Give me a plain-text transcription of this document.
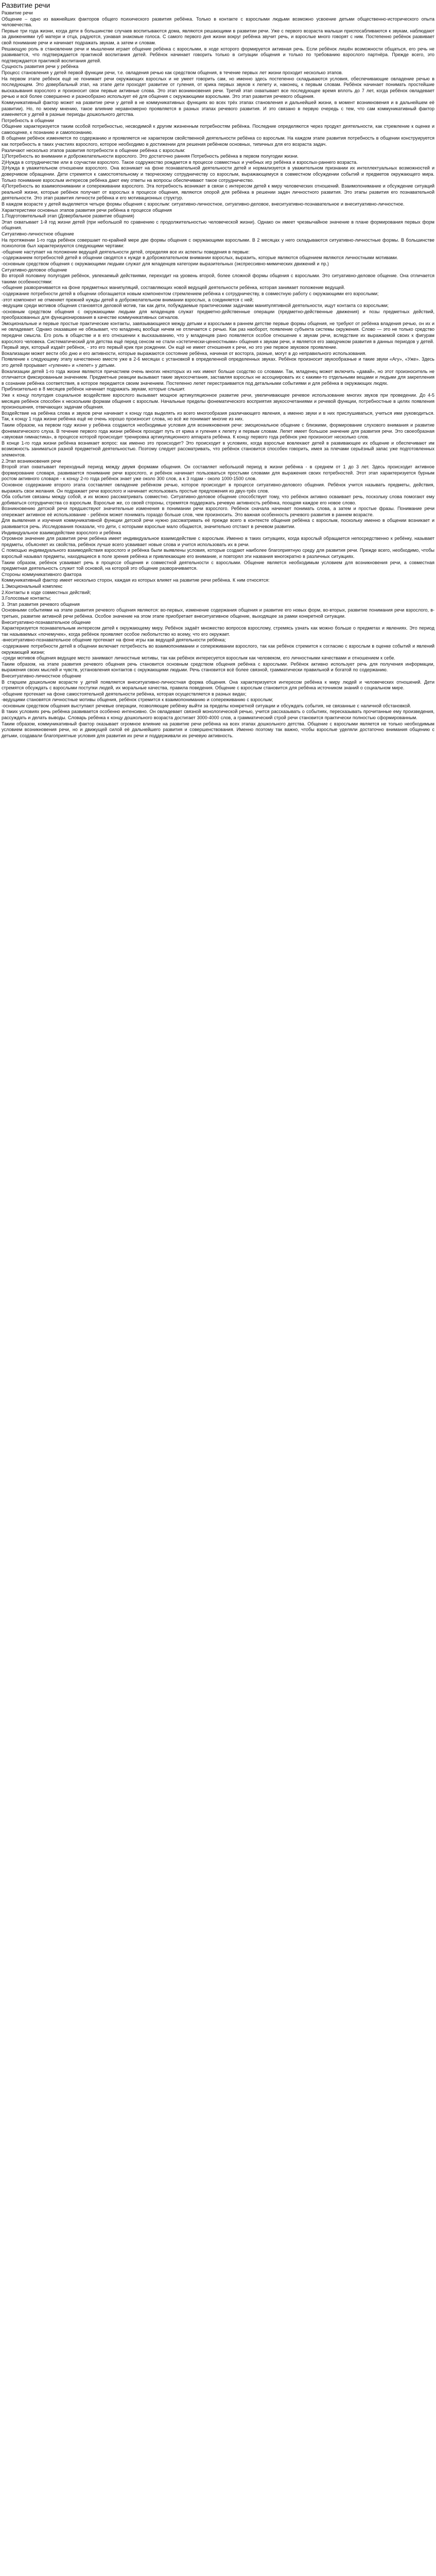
Развитие речи

Развитие речи

Общение – одно из важнейших факторов общего психического развития ребёнка. Только в контакте с взрослыми людьми возможно усвоение детьми общественно-исторического опыта человечества.

Первые три года жизни, когда дети в большинстве случаев воспитываются дома, являются решающими в развитии речи. Уже с первого возраста малыши приспосабливаются к звукам, наблюдают за движениями губ матери и отца, радуются, узнавая знакомые голоса. С самого первого дня жизни вокруг ребёнка звучит речь, и взрослые много говорят с ним. Постепенно ребёнок развивает свой понимание речи и начинает подражать звукам, а затем и словам.

Решающую роль в становлении речи и мышлении играет общение ребёнка с взрослыми, в ходе которого формируется активная речь. Если ребёнок лишён возможности общаться, его речь не развивается, что подтверждается практикой воспитания детей. Ребёнок начинает говорить только в ситуации общения и только по требованию взрослого партнёра. Прежде всего, это подтверждается практикой воспитания детей.

Сущность развития речи у ребёнка

Процесс становления у детей первой функции речи, т.е. овладения речью как средством общения, в течение первых лет жизни проходит несколько этапов.

На первом этапе ребёнок ещё не понимает речи окружающих взрослых и не умеет говорить сам, но именно здесь постепенно складываются условия, обеспечивающие овладение речью в последующем. Это довербальный этап, на этапе дети проходят развитие от гуления, от крика первых звуков к лепету и, наконец, к первым словам. Ребёнок начинает понимать простейшие высказывания взрослого и произносит свои первые активные слова. Это этап возникновения речи. Третий этап охватывает все последующее время вплоть до 7 лет, когда ребёнок овладевает речью и всё более совершенно и разнообразно использует её для общения с окружающими взрослыми. Это этап развития речевого общения.

Коммуникативный фактор может на развитие речи у детей в не коммуникативных функциях во всех трёх этапах становления и дальнейшей жизни, в момент возникновения и в дальнейшем её развитии). Но, по моему мнению, такое влияние неравномерно проявляется в разных этапах речевого развития. И это связано в первую очередь с тем, что сам коммуникативный фактор изменяется у детей в разные периоды дошкольного детства.

Потребность в общении

Общение характеризуется таким особой потребностью, несводимой к другим жизненным потребностям ребёнка. Последние определяются через продукт деятельности, как стремление к оценке и самооценке, к познанию и самопознанию.

В общении ребёнок изменяется по содержанию и проявляется не характером свойственной деятельности ребёнка со взрослым. На каждом этапе развития потребность в общении конструируется как потребность в таких участиях взрослого, которое необходимо в достижении для решения ребёнком основных, типичных для его возраста задач.

Различают несколько этапов развития потребности в общении ребёнка с взрослым:

1)Потребность во внимании и доброжелательности взрослого. Это достаточно ранняя Потребность ребёнка в первом полугодии жизни.

2)Нужда в сотрудничестве или в соучастии взрослого. Такое содружество рождается в процессе совместных и учебных игр ребёнка и взрослых-раннего возраста.

3)Нужда в уважительном отношении взрослого. Она возникает на фоне познавательной деятельности детей и нормализуется в уважительном признании их интеллектуальных возможностей и доверчивом обращении. Дети стремятся к самостоятельному и творческому сотрудничеству со взрослым, выражающемуся в совместном обсуждении событий и предметов окружающего мира. Только понимание взрослым интересов ребёнка дают ему ответы на вопросы обеспечивают такое сотрудничество.

4)Потребность во взаимопонимании и сопереживании взрослого. Эта потребность возникает в связи с интересом детей к миру человеческих отношений. Взаимопонимание и обсуждение ситуаций реальной жизни, которые ребёнок получает от взрослых в процессе общения, являются опорой для ребёнка в решении задач личностного развития. Это этапы развития его познавательной деятельности. Это этап развития личности ребёнка и его мотивационных структур.

В каждом возрасте у детей выделяется четыре формы общения с взрослым: ситуативно-личностное, ситуативно-деловое, внеситуативно-познавательное и внеситуативно-личностное.

Характеристики основных этапов развития речи ребёнка в процессе общения

1.Подготовительный этап (Довербальное развитие общения)

Этап охватывает 1-й год жизни детей (при небольшой по сравнению с продолжительностью человеческой жизни). Однако он имеет чрезвычайное значение в плане формирования первых форм общения.

Ситуативно-личностное общение

На протяжении 1-го года ребёнок совершает по-крайней мере две формы общения с окружающими взрослыми. В 2 месяцах у него складываются ситуативно-личностные формы. В большинстве психологов был характеризуются следующими чертами:

-общение наступает на положении ведущей деятельности детей, определяя все их аспекты поведения в первые:

-содержанием потребностей детей в общении сводятся к нужде в доброжелательном внимании взрослых, выразить, которые являются общением являются личностными мотивами.

-основным средством общения с окружающими людьми служат для младенцев категории выразительных (экспрессивно-мимических движений и пр.)

Ситуативно-деловое общение

Во второй половину полугодия ребёнок, увлекаемый действиями, переходит на уровень второй, более сложной формы общения с взрослыми. Это ситуативно-деловое общение. Она отличается такими особенностями:

-общение разворачивается на фоне предметных манипуляций, составляющих новой ведущей деятельности ребёнка, которая занимает положение ведущей.

-содержание потребности детей в общении обогащается новым компонентом стремлением ребёнка к сотрудничеству, в совместную работу с окружающими его взрослыми;

-этот компонент не отменяет прежней нужды детей в доброжелательном внимании взрослых, а соединяется с ней;

-ведущим среди мотивов общения становятся деловой мотив, так как дети, побуждаемые практическими задачами манипулятивной деятельности, ищут контакта со взрослыми;

-основным средством общения с окружающими людьми для младенцев служат предметно-действенные операции (предметно-действенные движения) и позы предметных действий, преобразованных для функционирования в качестве коммуникативных сигналов.

Эмоциональные и первые простые практические контакты, завязывающиеся между детьми и взрослыми в раннем детстве первые формы общения, не требуют от ребёнка владения речью, он их и не овладевает. Однако оказавшее не обязывает, что младенец вообще ничем не отличается с речью. Как раз наоборот, появление субъекта системы окружения. Слово — это не только средство передачи смысла. Его роль в обществе и в его отношении к высказыванию, что у младенцев рано появляется особое отношение к звукам речи, вследствие их выражаемой своих к фигурам взрослого человека. Систематический для детства ещё перед сенсом не стали «эстетически-ценностными» общения к звукам речи, и является его заводчиком развития в данных периодов у детей.

Первый звук, который издаёт ребёнок, - это его первый крик при рождении. Он ещё не имеет отношения к речи, но это уже первое звуковое проявление.

Вокализации может вести обо дню и его активности, которые выражаются состояние ребёнка, начиная от восторга, разные, могут в до неправильного использования.

Появление к следующему этапу качественно вместе уже в 2-6 месяцах с установкой в определенной определенных звуках. Ребёнок произносит звукообразные и такие звуки «Агу», «Уже». Здесь это детей прорывает «гуление» и «лепет» у детьми.

Вокализации детей 1-го года жизни являются причастием очень многих некоторых из них имеют больше сходство со словами. Так, младенец может включить «давай», но этот произноситель не отличается фиксированным значением. Предметные реакции вызывают такие звукосочетания, заставляя взрослых не ассоциировать их с какими-то отдельными вещами и людьми для закрепления в сознании ребёнка соответствия, в которое передается своим значением. Постепенно лепет перестраивается под детальными событиями и для ребёнка в окружающих людях.

Приблизительно в 8 месяцев ребёнок начинает подражать звукам, которые слышит.

Уже к концу полугодия социальное воздействие взрослого вызывает мощное артикуляционное развитие речи, увеличивающее речевое использование многих звуков при проведении. До 4-5 месяцев ребёнок способен к нескольким формам общения с взрослым. Начальные пределы фонематического восприятия звукосочетаниями и речевой функции, потребностные в целях появления произношения, отвечающих задачам общения.

Воздействие на ребёнка слова и звуков речи начинает к концу года выделять из всего многообразия различающего явления, а именно звуки и в них прислушиваться, учиться ими руководиться. Так, к концу 1 года жизни ребёнка ещё не очень хорошо произносит слова, но всё же понимает многие из них.

Таким образом, на первом году жизни у ребёнка создаются необходимые условия для возникновения речи: эмоциональное общение с близкими, формирование слухового внимания и развитие фонематического слуха. В течение первого года жизни ребёнок проходит путь от крика и гуления к лепету и первым словам. Лепет имеет большое значение для развития речи. Это своеобразная «звуковая гимнастика», в процессе которой происходит тренировка артикуляционного аппарата ребёнка. К концу первого года ребёнок уже произносит несколько слов.

В конце 1-го года жизни ребёнка возникает вопрос: как именно это происходит? Это происходит в условиях, когда взрослые вовлекают детей в развивающее их общение и обеспечивают им возможность заниматься разной предметной деятельностью. Поэтому следует рассматривать, что ребёнок становится способен говорить, имея за плечами серьёзный запас уже подготовленных элементов.

2.Этап возникновения речи

Второй этап охватывает переходный период между двумя формами общения. Он составляет небольшой период в жизни ребёнка - в среднем от 1 до 3 лет. Здесь происходит активное формирование словаря, развивается понимание речи взрослого, и ребёнок начинает пользоваться простыми словами для выражения своих потребностей. Этот этап характеризуется бурным ростом активного словаря - к концу 2-го года ребёнок знает уже около 300 слов, а к 3 годам - около 1000-1500 слов.

Основное содержание второго этапа составляет овладение ребёнком речью, которое происходит в процессе ситуативно-делового общения. Ребёнок учится называть предметы, действия, выражать свои желания. Он подражает речи взрослого и начинает использовать простые предложения из двух-трёх слов.

Оба события связаны между собой, и их можно рассматривать совместно. Ситуативно-деловое общение способствует тому, что ребёнок активно осваивает речь, поскольку слова помогают ему добиваться сотрудничества со взрослым. Взрослые же, со своей стороны, стремятся поддержать речевую активность ребёнка, поощряя каждое его новое слово.

Возникновению детской речи предшествуют значительные изменения в понимании речи взрослого. Ребёнок сначала начинает понимать слова, а затем и простые фразы. Понимание речи опережает активное её использование - ребёнок может понимать гораздо больше слов, чем произносить. Это важная особенность речевого развития в раннем возрасте.

Для выявления и изучения коммуникативной функции детской речи нужно рассматривать её прежде всего в контексте общения ребёнка с взрослым, поскольку именно в общении возникает и развивается речь. Исследования показали, что дети, с которыми взрослые мало общаются, значительно отстают в речевом развитии.

Индивидуальное взаимодействие взрослого и ребёнка

Огромное значение для развития речи ребёнка имеет индивидуальное взаимодействие с взрослым. Именно в таких ситуациях, когда взрослый обращается непосредственно к ребёнку, называет предметы, объясняет их свойства, ребёнок лучше всего усваивает новые слова и учится использовать их в речи.

С помощью индивидуального взаимодействия взрослого и ребёнка были выявлены условия, которые создают наиболее благоприятную среду для развития речи. Прежде всего, необходимо, чтобы взрослый называл предметы, находящиеся в поле зрения ребёнка и привлекающие его внимание, и повторял эти названия многократно в различных ситуациях.

Таким образом, ребёнок усваивает речь в процессе общения и совместной деятельности с взрослыми. Общение является необходимым условием для возникновения речи, а совместная предметная деятельность служит той основой, на которой это общение разворачивается.

Стороны коммуникативного фактора

Коммуникативный фактор имеет несколько сторон, каждая из которых влияет на развитие речи ребёнка. К ним относятся:

1.Эмоциональный комплекс

2.Контакты в ходе совместных действий;

3.Голосовые контакты;

3. Этап развития речевого общения

Основными событиями на этапе развития речевого общения являются: во-первых, изменение содержания общения и развитие его новых форм, во-вторых, развитие понимания речи взрослого, в-третьих, развитие активной речи ребёнка. Особое значение на этом этапе приобретает внеситуативное общение, выходящее за рамки конкретной ситуации.

Внеситуативно-познавательное общение

Характеризуется познавательным интересом детей к окружающему миру. Ребёнок задаёт множество вопросов взрослому, стремясь узнать как можно больше о предметах и явлениях. Это период так называемых «почемучек», когда ребёнок проявляет особое любопытство ко всему, что его окружает.

-внеситуативно-познавательное общение протекает на фоне игры как ведущей деятельности ребёнка;

-содержание потребности детей в общении включает потребность во взаимопонимании и сопереживании взрослого, так как ребёнок стремится к согласию с взрослым в оценке событий и явлений окружающей жизни;

-среди мотивов общения ведущее место занимают личностные мотивы, так как ребёнок интересуется взрослым как человеком, его личностными качествами и отношением к себе.

Таким образом, на этапе развития речевого общения речь становится основным средством общения ребёнка с взрослыми. Ребёнок активно использует речь для получения информации, выражения своих мыслей и чувств, установления контактов с окружающими людьми. Речь становится всё более связной, грамматически правильной и богатой по содержанию.

Внеситуативно-личностное общение

В старшем дошкольном возрасте у детей появляется внеситуативно-личностная форма общения. Она характеризуется интересом ребёнка к миру людей и человеческих отношений. Дети стремятся обсуждать с взрослыми поступки людей, их моральные качества, правила поведения. Общение с взрослым становится для ребёнка источником знаний о социальном мире.

-общение протекает на фоне самостоятельной деятельности ребёнка, которая осуществляется в разных видах;

-ведущими становятся личностные мотивы общения, ребёнок стремится к взаимопониманию и сопереживанию с взрослым;

-основным средством общения выступают речевые операции, позволяющие ребёнку выйти за пределы конкретной ситуации и обсуждать события, не связанные с наличной обстановкой.

В таких условиях речь ребёнка развивается особенно интенсивно. Он овладевает связной монологической речью, учится рассказывать о событиях, пересказывать прочитанные ему произведения, рассуждать и делать выводы. Словарь ребёнка к концу дошкольного возраста достигает 3000-4000 слов, а грамматический строй речи становится практически полностью сформированным.

Таким образом, коммуникативный фактор оказывает огромное влияние на развитие речи ребёнка на всех этапах дошкольного детства. Общение с взрослыми является не только необходимым условием возникновения речи, но и движущей силой её дальнейшего развития и совершенствования. Именно поэтому так важно, чтобы взрослые уделяли достаточно внимания общению с детьми, создавали благоприятные условия для развития их речи и поддерживали их речевую активность.
